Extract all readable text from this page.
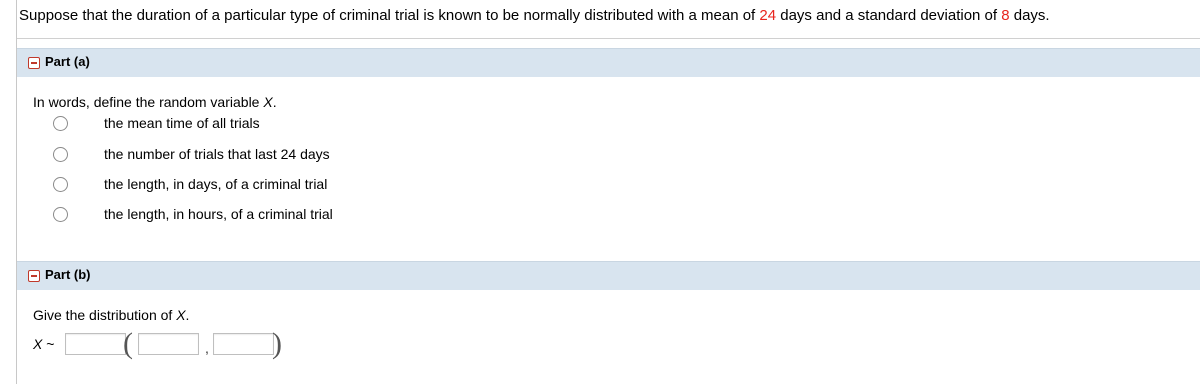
Suppose that the duration of a particular type of criminal trial is known to be normally distributed with a mean of 24 days and a standard deviation of 8 days.
Part (a)
In words, define the random variable X.
the mean time of all trials
the number of trials that last 24 days
the length, in days, of a criminal trial
the length, in hours, of a criminal trial
Part (b)
Give the distribution of X.
X ~ (	, )
